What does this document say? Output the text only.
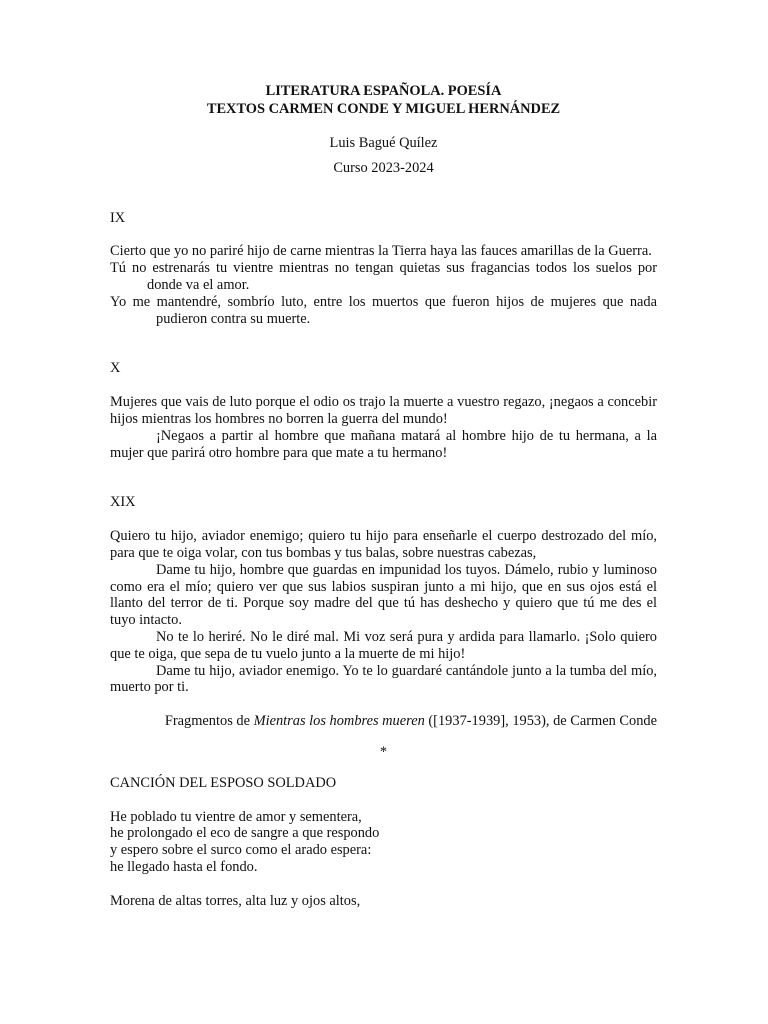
LITERATURA ESPAÑOLA. POESÍA

TEXTOS CARMEN CONDE Y MIGUEL HERNÁNDEZ

Luis Bagué Quílez

Curso 2023-2024

IX

Cierto que yo no pariré hijo de carne mientras la Tierra haya las fauces amarillas de la Guerra.

Tú no estrenarás tu vientre mientras no tengan quietas sus fragancias todos los suelos por donde va el amor.

Yo me mantendré, sombrío luto, entre los muertos que fueron hijos de mujeres que nada pudieron contra su muerte.

X

Mujeres que vais de luto porque el odio os trajo la muerte a vuestro regazo, ¡negaos a concebir hijos mientras los hombres no borren la guerra del mundo!

¡Negaos a partir al hombre que mañana matará al hombre hijo de tu hermana, a la mujer que parirá otro hombre para que mate a tu hermano!

XIX

Quiero tu hijo, aviador enemigo; quiero tu hijo para enseñarle el cuerpo destrozado del mío, para que te oiga volar, con tus bombas y tus balas, sobre nuestras cabezas,

Dame tu hijo, hombre que guardas en impunidad los tuyos. Dámelo, rubio y luminoso como era el mío; quiero ver que sus labios suspiran junto a mi hijo, que en sus ojos está el llanto del terror de ti. Porque soy madre del que tú has deshecho y quiero que tú me des el tuyo intacto.

No te lo heriré. No le diré mal. Mi voz será pura y ardida para llamarlo. ¡Solo quiero que te oiga, que sepa de tu vuelo junto a la muerte de mi hijo!

Dame tu hijo, aviador enemigo. Yo te lo guardaré cantándole junto a la tumba del mío, muerto por ti.

Fragmentos de Mientras los hombres mueren ([1937-1939], 1953), de Carmen Conde

*

CANCIÓN DEL ESPOSO SOLDADO

He poblado tu vientre de amor y sementera,

he prolongado el eco de sangre a que respondo

y espero sobre el surco como el arado espera:

he llegado hasta el fondo.

Morena de altas torres, alta luz y ojos altos,
